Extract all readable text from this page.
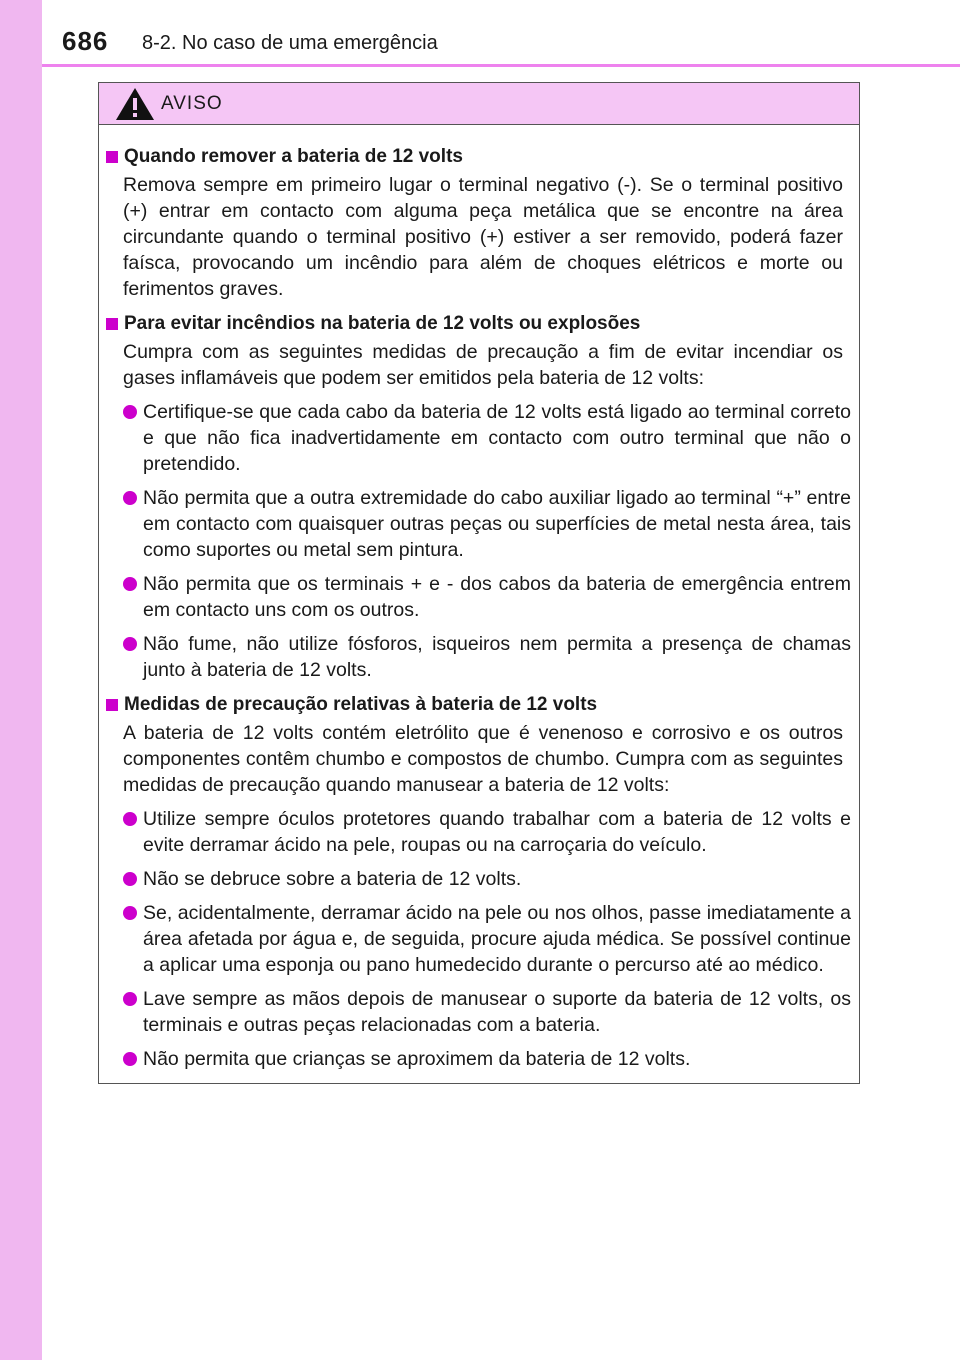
686 8-2. No caso de uma emergência
AVISO
Quando remover a bateria de 12 volts
Remova sempre em primeiro lugar o terminal negativo (-). Se o terminal positivo (+) entrar em contacto com alguma peça metálica que se encontre na área circundante quando o terminal positivo (+) estiver a ser removido, poderá fazer faísca, provocando um incêndio para além de choques elétricos e morte ou ferimentos graves.
Para evitar incêndios na bateria de 12 volts ou explosões
Cumpra com as seguintes medidas de precaução a fim de evitar incendiar os gases inflamáveis que podem ser emitidos pela bateria de 12 volts:
Certifique-se que cada cabo da bateria de 12 volts está ligado ao terminal correto e que não fica inadvertidamente em contacto com outro terminal que não o pretendido.
Não permita que a outra extremidade do cabo auxiliar ligado ao terminal “+” entre em contacto com quaisquer outras peças ou superfícies de metal nesta área, tais como suportes ou metal sem pintura.
Não permita que os terminais + e - dos cabos da bateria de emergência entrem em contacto uns com os outros.
Não fume, não utilize fósforos, isqueiros nem permita a presença de chamas junto à bateria de 12 volts.
Medidas de precaução relativas à bateria de 12 volts
A bateria de 12 volts contém eletrólito que é venenoso e corrosivo e os outros componentes contêm chumbo e compostos de chumbo. Cumpra com as seguintes medidas de precaução quando manusear a bateria de 12 volts:
Utilize sempre óculos protetores quando trabalhar com a bateria de 12 volts e evite derramar ácido na pele, roupas ou na carroçaria do veículo.
Não se debruce sobre a bateria de 12 volts.
Se, acidentalmente, derramar ácido na pele ou nos olhos, passe imediatamente a área afetada por água e, de seguida, procure ajuda médica. Se possível continue a aplicar uma esponja ou pano humedecido durante o percurso até ao médico.
Lave sempre as mãos depois de manusear o suporte da bateria de 12 volts, os terminais e outras peças relacionadas com a bateria.
Não permita que crianças se aproximem da bateria de 12 volts.
